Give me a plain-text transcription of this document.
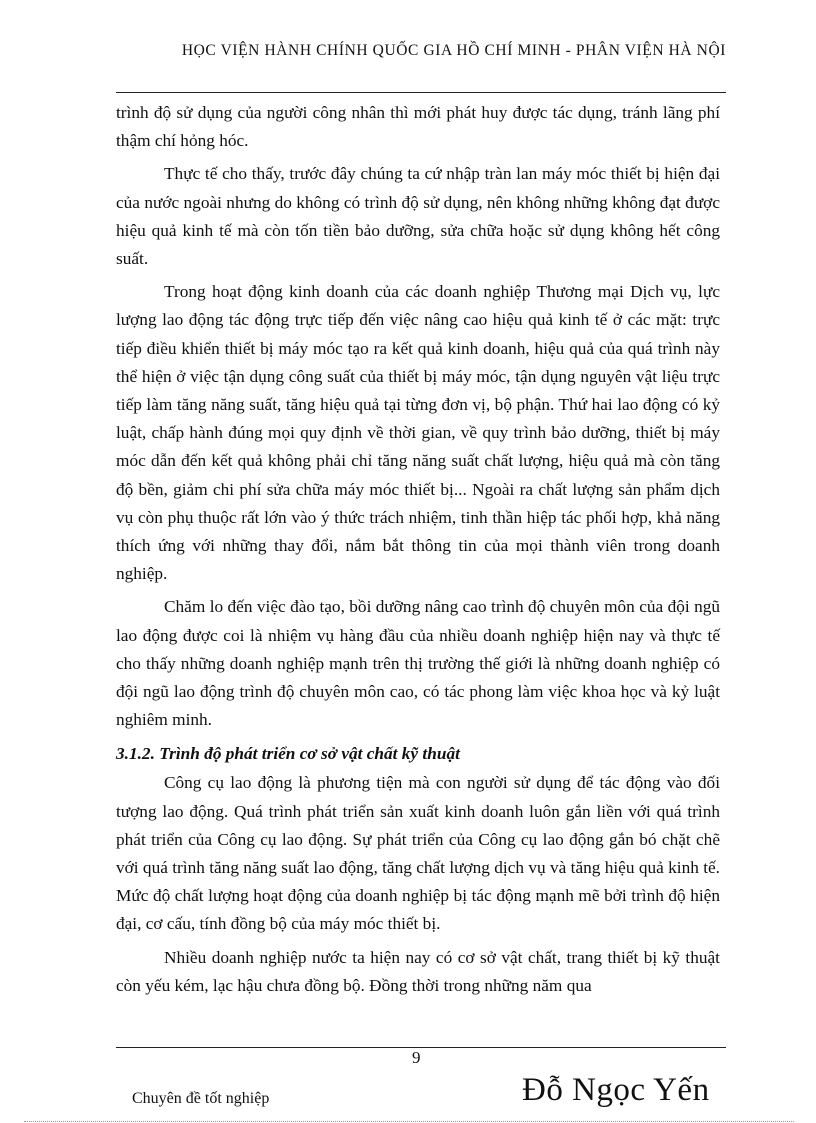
HỌC VIỆN HÀNH CHÍNH QUỐC GIA HỒ CHÍ MINH - PHÂN VIỆN HÀ NỘI

trình độ sử dụng của người công nhân thì mới phát huy được tác dụng, tránh lãng phí thậm chí hỏng hóc.

Thực tế cho thấy, trước đây chúng ta cứ nhập tràn lan máy móc thiết bị hiện đại của nước ngoài nhưng do không có trình độ sử dụng, nên không những không đạt được hiệu quả kinh tế mà còn tốn tiền bảo dưỡng, sửa chữa hoặc sử dụng không hết công suất.

Trong hoạt động kinh doanh của các doanh nghiệp Thương mại Dịch vụ, lực lượng lao động tác động trực tiếp đến việc nâng cao hiệu quả kinh tế ở các mặt: trực tiếp điều khiển thiết bị máy móc tạo ra kết quả kinh doanh, hiệu quả của quá trình này thể hiện ở việc tận dụng công suất của thiết bị máy móc, tận dụng nguyên vật liệu trực tiếp làm tăng năng suất, tăng hiệu quả tại từng đơn vị, bộ phận. Thứ hai lao động có kỷ luật, chấp hành đúng mọi quy định về thời gian, về quy trình bảo dưỡng, thiết bị máy móc dẫn đến kết quả không phải chỉ tăng năng suất chất lượng, hiệu quả mà còn tăng độ bền, giảm chi phí sửa chữa máy móc thiết bị... Ngoài ra chất lượng sản phẩm dịch vụ còn phụ thuộc rất lớn vào ý thức trách nhiệm, tinh thần hiệp tác phối hợp, khả năng thích ứng với những thay đổi, nắm bắt thông tin của mọi thành viên trong doanh nghiệp.

Chăm lo đến việc đào tạo, bồi dưỡng nâng cao trình độ chuyên môn của đội ngũ lao động được coi là nhiệm vụ hàng đầu của nhiều doanh nghiệp hiện nay và thực tế cho thấy những doanh nghiệp mạnh trên thị trường thế giới là những doanh nghiệp có đội ngũ lao động trình độ chuyên môn cao, có tác phong làm việc khoa học và kỷ luật nghiêm minh.

3.1.2. Trình độ phát triển cơ sở vật chất kỹ thuật

Công cụ lao động là phương tiện mà con người sử dụng để tác động vào đối tượng lao động. Quá trình phát triển sản xuất kinh doanh luôn gắn liền với quá trình phát triển của Công cụ lao động. Sự phát triển của Công cụ lao động gắn bó chặt chẽ với quá trình tăng năng suất lao động, tăng chất lượng dịch vụ và tăng hiệu quả kinh tế. Mức độ chất lượng hoạt động của doanh nghiệp bị tác động mạnh mẽ bởi trình độ hiện đại, cơ cấu, tính đồng bộ của máy móc thiết bị.

Nhiều doanh nghiệp nước ta hiện nay có cơ sở vật chất, trang thiết bị kỹ thuật còn yếu kém, lạc hậu chưa đồng bộ. Đồng thời trong những năm qua

9
Chuyên đề tốt nghiệp	Đỗ Ngọc Yến
